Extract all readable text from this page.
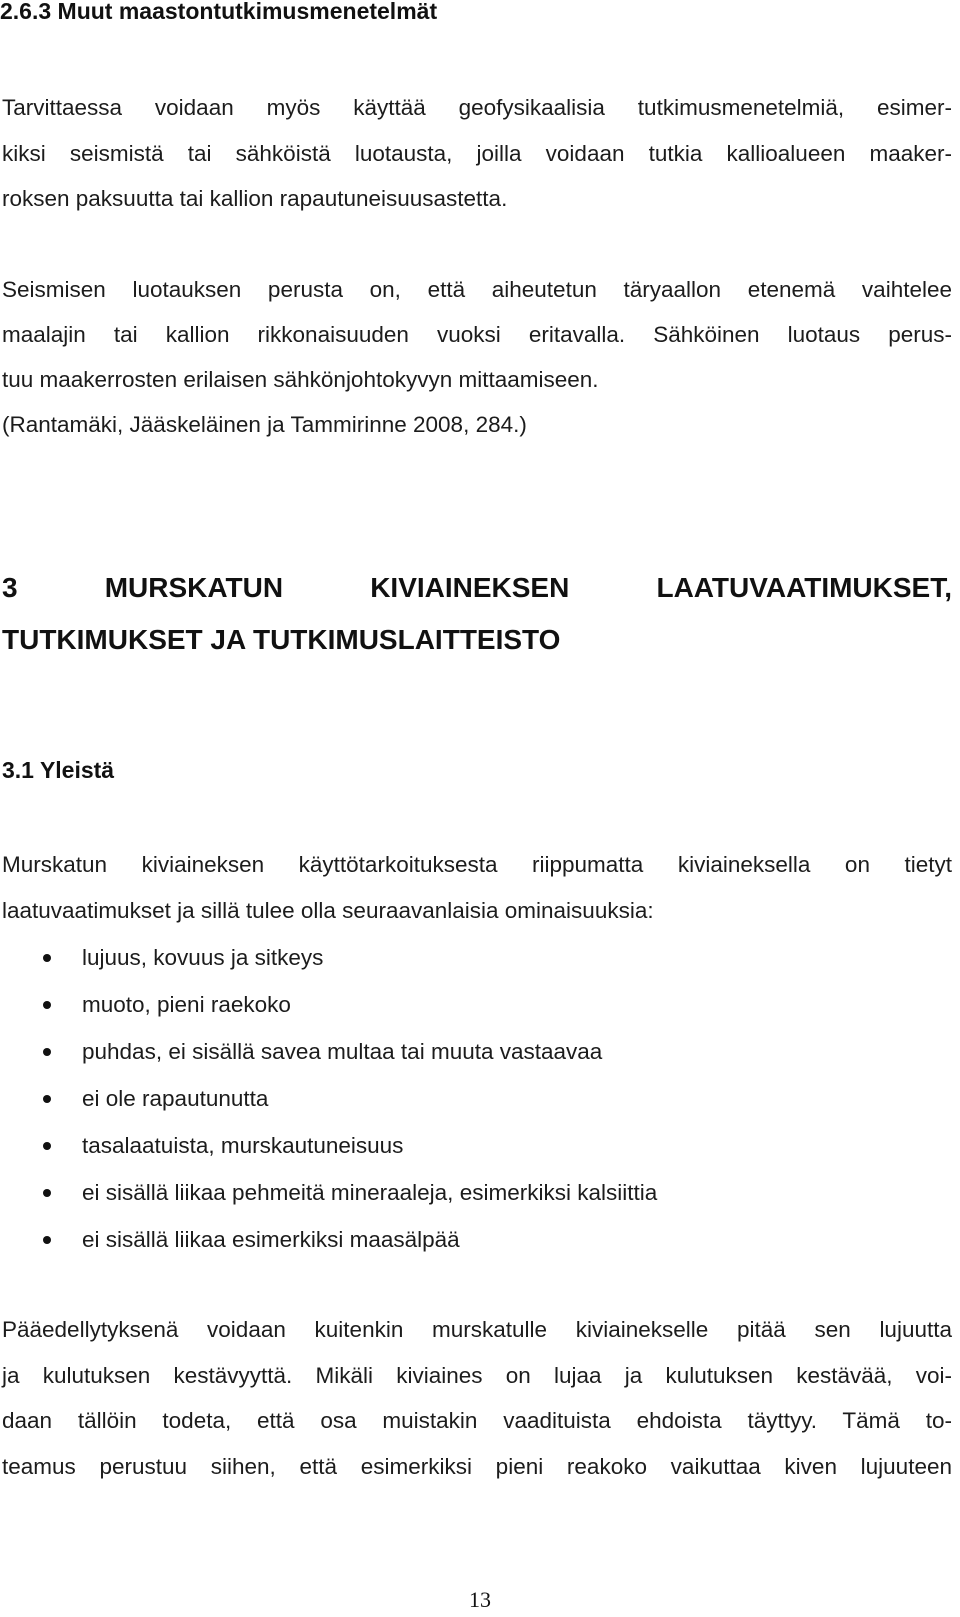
2.6.3 Muut maastontutkimusmenetelmät
Tarvittaessa voidaan myös käyttää geofysikaalisia tutkimusmenetelmiä, esimer-
kiksi seismistä tai sähköistä luotausta, joilla voidaan tutkia kallioalueen maaker-
roksen paksuutta tai kallion rapautuneisuusastetta.
Seismisen luotauksen perusta on, että aiheutetun täryaallon etenemä vaihtelee
maalajin tai kallion rikkonaisuuden vuoksi eritavalla. Sähköinen luotaus perus-
tuu maakerrosten erilaisen sähkönjohtokyvyn mittaamiseen.
(Rantamäki, Jääskeläinen ja Tammirinne 2008, 284.)
3 MURSKATUN KIVIAINEKSEN LAATUVAATIMUKSET,
TUTKIMUKSET JA TUTKIMUSLAITTEISTO
3.1 Yleistä
Murskatun kiviaineksen käyttötarkoituksesta riippumatta kiviaineksella on tietyt
laatuvaatimukset ja sillä tulee olla seuraavanlaisia ominaisuuksia:
lujuus, kovuus ja sitkeys
muoto, pieni raekoko
puhdas, ei sisällä savea multaa tai muuta vastaavaa
ei ole rapautunutta
tasalaatuista, murskautuneisuus
ei sisällä liikaa pehmeitä mineraaleja, esimerkiksi kalsiittia
ei sisällä liikaa esimerkiksi maasälpää
Pääedellytyksenä voidaan kuitenkin murskatulle kiviainekselle pitää sen lujuutta
ja kulutuksen kestävyyttä. Mikäli kiviaines on lujaa ja kulutuksen kestävää, voi-
daan tällöin todeta, että osa muistakin vaadituista ehdoista täyttyy. Tämä to-
teamus perustuu siihen, että esimerkiksi pieni reakoko vaikuttaa kiven lujuuteen
13
